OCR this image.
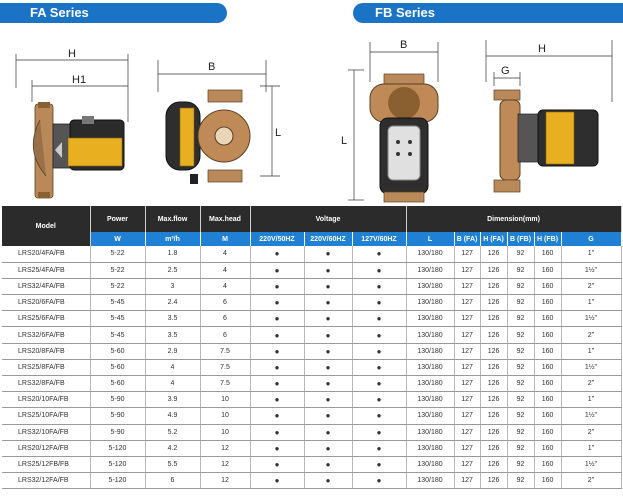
FA Series	FB Series
H
H1
B
L
B
L
H
G
Model	Power	Max.flow	Max.head	Voltage			Dimension(mm)					
	W	m³/h	M	220V/50HZ	220V/60HZ	127V/60HZ	L	B (FA)	H (FA)	B (FB)	H (FB)	G
LRS20/4FA/FB	5-22	1.8	4	●	●	●	130/180	127	126	92	160	1''
LRS25/4FA/FB	5-22	2.5	4	●	●	●	130/180	127	126	92	160	1½''
LRS32/4FA/FB	5-22	3	4	●	●	●	130/180	127	126	92	160	2''
LRS20/6FA/FB	5-45	2.4	6	●	●	●	130/180	127	126	92	160	1''
LRS25/6FA/FB	5-45	3.5	6	●	●	●	130/180	127	126	92	160	1½''
LRS32/6FA/FB	5-45	3.5	6	●	●	●	130/180	127	126	92	160	2''
LRS20/8FA/FB	5-60	2.9	7.5	●	●	●	130/180	127	126	92	160	1''
LRS25/8FA/FB	5-60	4	7.5	●	●	●	130/180	127	126	92	160	1½''
LRS32/8FA/FB	5-60	4	7.5	●	●	●	130/180	127	126	92	160	2''
LRS20/10FA/FB	5-90	3.9	10	●	●	●	130/180	127	126	92	160	1''
LRS25/10FA/FB	5-90	4.9	10	●	●	●	130/180	127	126	92	160	1½''
LRS32/10FA/FB	5-90	5.2	10	●	●	●	130/180	127	126	92	160	2''
LRS20/12FA/FB	5-120	4.2	12	●	●	●	130/180	127	126	92	160	1''
LRS25/12FB/FB	5-120	5.5	12	●	●	●	130/180	127	126	92	160	1½''
LRS32/12FA/FB	5-120	6	12	●	●	●	130/180	127	126	92	160	2''
